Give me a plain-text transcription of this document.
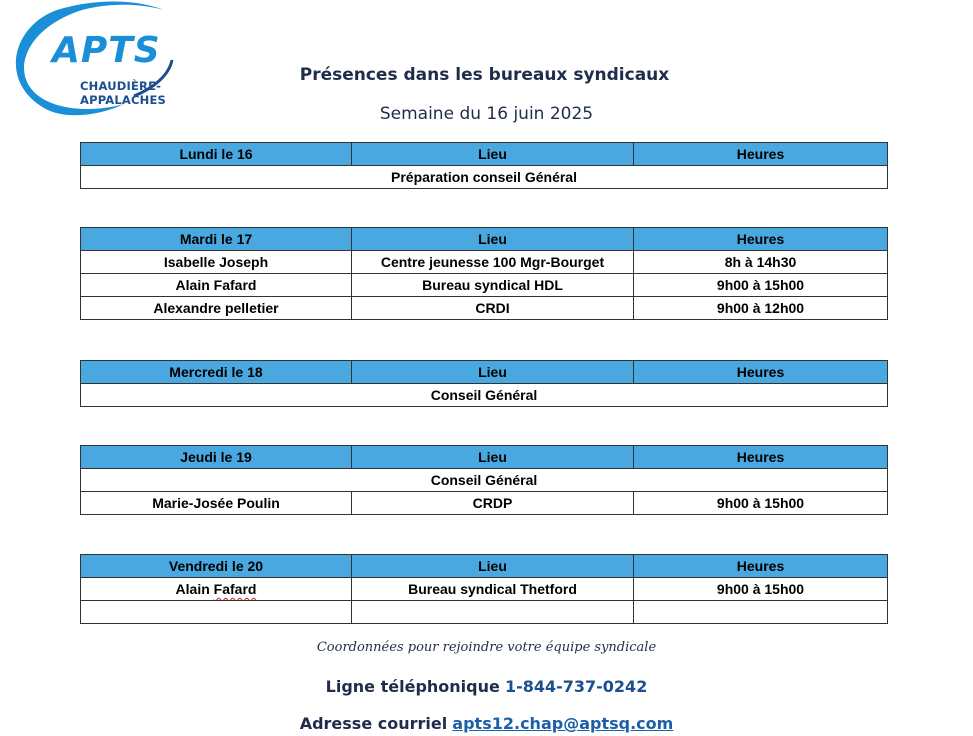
APTS
CHAUDIÈRE-APPALACHES
Présences dans les bureaux syndicaux
Semaine du 16 juin 2025
Lundi le 16	Lieu	Heures
Préparation conseil Général
Mardi le 17	Lieu	Heures
Isabelle Joseph	Centre jeunesse 100 Mgr-Bourget	8h à 14h30
Alain Fafard	Bureau syndical HDL	9h00 à 15h00
Alexandre pelletier	CRDI	9h00 à 12h00
Mercredi le 18	Lieu	Heures
Conseil Général
Jeudi le 19	Lieu	Heures
Conseil Général		
Marie-Josée Poulin	CRDP	9h00 à 15h00
Vendredi le 20	Lieu	Heures
Alain Fafard	Bureau syndical Thetford	9h00 à 15h00

Coordonnées pour rejoindre votre équipe syndicale
Ligne téléphonique 1-844-737-0242
Adresse courriel apts12.chap@aptsq.com
